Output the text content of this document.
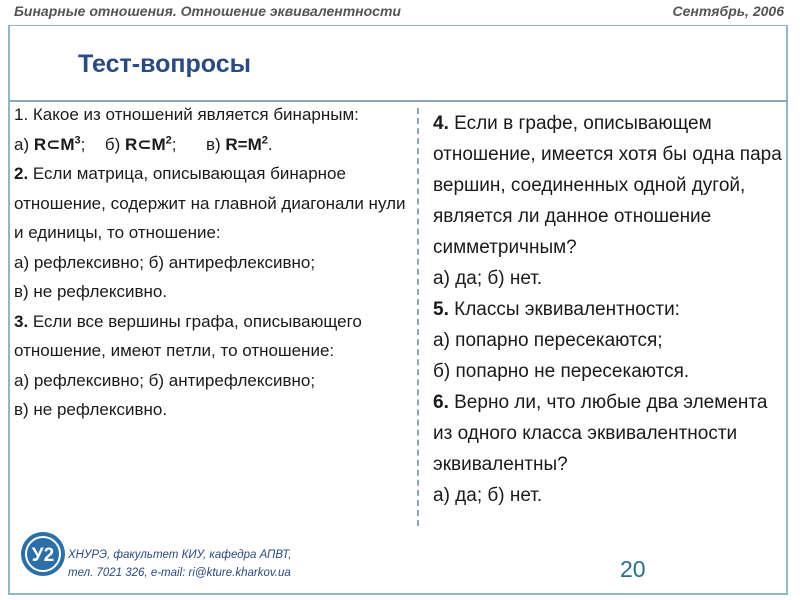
Бинарные отношения. Отношение эквивалентности	Сентябрь, 2006
Тест-вопросы
1. Какое из отношений является бинарным:
а) $R\subset M^3$;  б) $R\subset M^2$;  в) $R=M^2$.
2. Если матрица, описывающая бинарное отношение, содержит на главной диагонали нули и единицы, то отношение:
а) рефлексивно; б) антирефлексивно;
в) не рефлексивно.
3. Если все вершины графа, описывающего отношение, имеют петли, то отношение:
а) рефлексивно; б) антирефлексивно;
в) не рефлексивно.
4. Если в графе, описывающем отношение, имеется хотя бы одна пара вершин, соединенных одной дугой, является ли данное отношение симметричным?
а) да; б) нет.
5. Классы эквивалентности:
а) попарно пересекаются;
б) попарно не пересекаются.
6. Верно ли, что любые два элемента из одного класса эквивалентности эквивалентны?
а) да; б) нет.
У2 ХНУРЭ, факультет КИУ, кафедра АПВТ,
тел. 7021 326, e-mail: ri@kture.kharkov.ua	20
